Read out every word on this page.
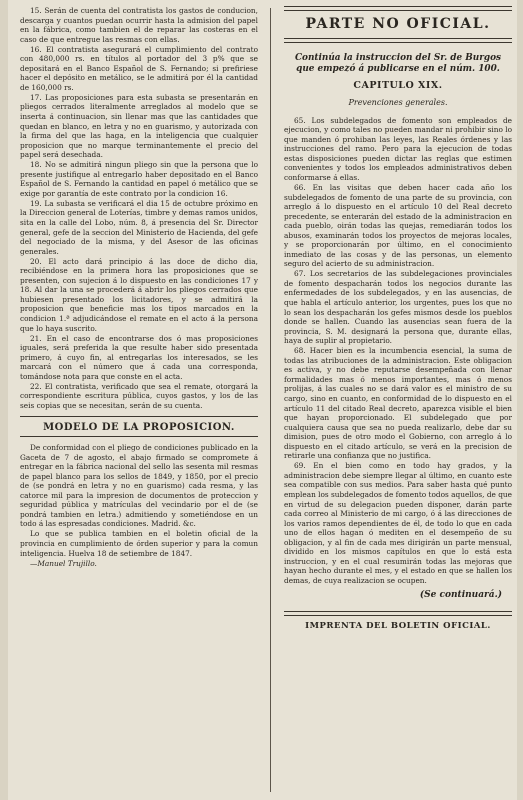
15. Serán de cuenta del contratista los gastos de conducion, descarga y cuantos puedan ocurrir hasta la admision del papel en la fábrica, como tambien el de reparar las costeras en el caso de que entregue las resmas con ellas.

16. El contratista asegurará el cumplimiento del contrato con 480,000 rs. en títulos al portador del 3 p% que se depositará en el Banco Español de S. Fernando; si prefiriese hacer el depósito en metálico, se le admitirá por él la cantidad de 160,000 rs.

17. Las proposiciones para esta subasta se presentarán en pliegos cerrados literalmente arreglados al modelo que se inserta á continuacion, sin llenar mas que las cantidades que quedan en blanco, en letra y no en guarismo, y autorizada con la firma del que las haga, en la inteligencia que cualquier proposicion que no marque terminantemente el precio del papel será desechada.

18. No se admitirá ningun pliego sin que la persona que lo presente justifique al entregarlo haber depositado en el Banco Español de S. Fernando la cantidad en papel ó metálico que se exige por garantía de este contrato por la condicion 16.

19. La subasta se verificará el dia 15 de octubre próximo en la Direccion general de Loterías, timbre y demas ramos unidos, sita en la calle del Lobo, núm. 8, á presencia del Sr. Director general, gefe de la seccion del Ministerio de Hacienda, del gefe del negociado de la misma, y del Asesor de las oficinas generales.

20. El acto dará principio á las doce de dicho dia, recibiéndose en la primera hora las proposiciones que se presenten, con sujecion á lo dispuesto en las condiciones 17 y 18. Al dar la una se procederá á abrir los pliegos cerrados que hubiesen presentado los licitadores, y se admitirá la proposicion que beneficie mas los tipos marcados en la condicion 1.ª adjudicándose el remate en el acto á la persona que lo haya suscrito.

21. En el caso de encontrarse dos ó mas proposiciones iguales, será preferida la que resulte haber sido presentada primero, á cuyo fin, al entregarlas los interesados, se les marcará con el número que á cada una corresponda, tomándose nota para que conste en el acta.

22. El contratista, verificado que sea el remate, otorgará la correspondiente escritura pública, cuyos gastos, y los de las seis copias que se necesitan, serán de su cuenta.

MODELO DE LA PROPOSICION.

De conformidad con el pliego de condiciones publicado en la Gaceta de 7 de agosto, el abajo firmado se compromete á entregar en la fábrica nacional del sello las sesenta mil resmas de papel blanco para los sellos de 1849, y 1850, por el precio de (se pondrá en letra y no en guarismo) cada resma, y las catorce mil para la impresion de documentos de proteccion y seguridad pública y matrículas del vecindario por el de (se pondrá tambien en letra.) admitiendo y sometiéndose en un todo á las espresadas condiciones. Madrid. &c.

Lo que se publica tambien en el boletin oficial de la provincia en cumplimiento de órden superior y para la comun inteligencia. Huelva 18 de setiembre de 1847.

—Manuel Trujillo.

PARTE NO OFICIAL.

Continúa la instruccion del Sr. de Burgos que empezó á publicarse en el núm. 100.

CAPITULO XIX.

Prevenciones generales.

65. Los subdelegados de fomento son empleados de ejecucion, y como tales no pueden mandar ni prohibir sino lo que manden ó prohiban las leyes, las Reales órdenes y las instrucciones del ramo. Pero para la ejecucion de todas estas disposiciones pueden dictar las reglas que estimen convenientes y todos los empleados administrativos deben conformarse á ellas.

66. En las visitas que deben hacer cada año los subdelegados de fomento de una parte de su provincia, con arreglo á lo dispuesto en el artículo 10 del Real decreto precedente, se enterarán del estado de la administracion en cada pueblo, oirán todas las quejas, remediarán todos los abusos, examinarán todos los proyectos de mejoras locales, y se proporcionarán por último, en el conocimiento inmediato de las cosas y de las personas, un elemento seguro del acierto de su administracion.

67. Los secretarios de las subdelegaciones provinciales de fomento despacharán todos los negocios durante las enfermedades de los subdelegados, y en las ausencias, de que habla el artículo anterior, los urgentes, pues los que no lo sean los despacharán los gefes mismos desde los pueblos donde se hallen. Cuando las ausencias sean fuera de la provincia, S. M. designará la persona que, durante ellas, haya de suplir al propietario.

68. Hacer bien es la incumbencia esencial, la suma de todas las atribuciones de la administracion. Este obligacion es activa, y no debe reputarse desempeñada con llenar formalidades mas ó menos importantes, mas ó menos prolijas, á las cuales no se dará valor es el ministro de su cargo, sino en cuanto, en conformidad de lo dispuesto en el artículo 11 del citado Real decreto, aparezca visible el bien que hayan proporcionado. El subdelegado que por cualquiera causa que sea no pueda realizarlo, debe dar su dimision, pues de otro modo el Gobierno, con arreglo á lo dispuesto en el citado artículo, se verá en la precision de retirarle una confianza que no justifica.

69. En el bien como en todo hay grados, y la administracion debe siempre llegar al último, en cuanto este sea compatible con sus medios. Para saber hasta qué punto emplean los subdelegados de fomento todos aquellos, de que en virtud de su delegacion pueden disponer, darán parte cada correo al Ministerio de mi cargo, ó á las direcciones de los varios ramos dependientes de él, de todo lo que en cada uno de ellos hagan ó mediten en el desempeño de su obligacion, y al fin de cada mes dirigirán un parte mensual, dividido en los mismos capítulos en que lo está esta instruccion, y en el cual resumirán todas las mejoras que hayan hecho durante el mes, y el estado en que se hallen los demas, de cuya realizacion se ocupen.

(Se continuará.)

IMPRENTA DEL BOLETIN OFICIAL.
